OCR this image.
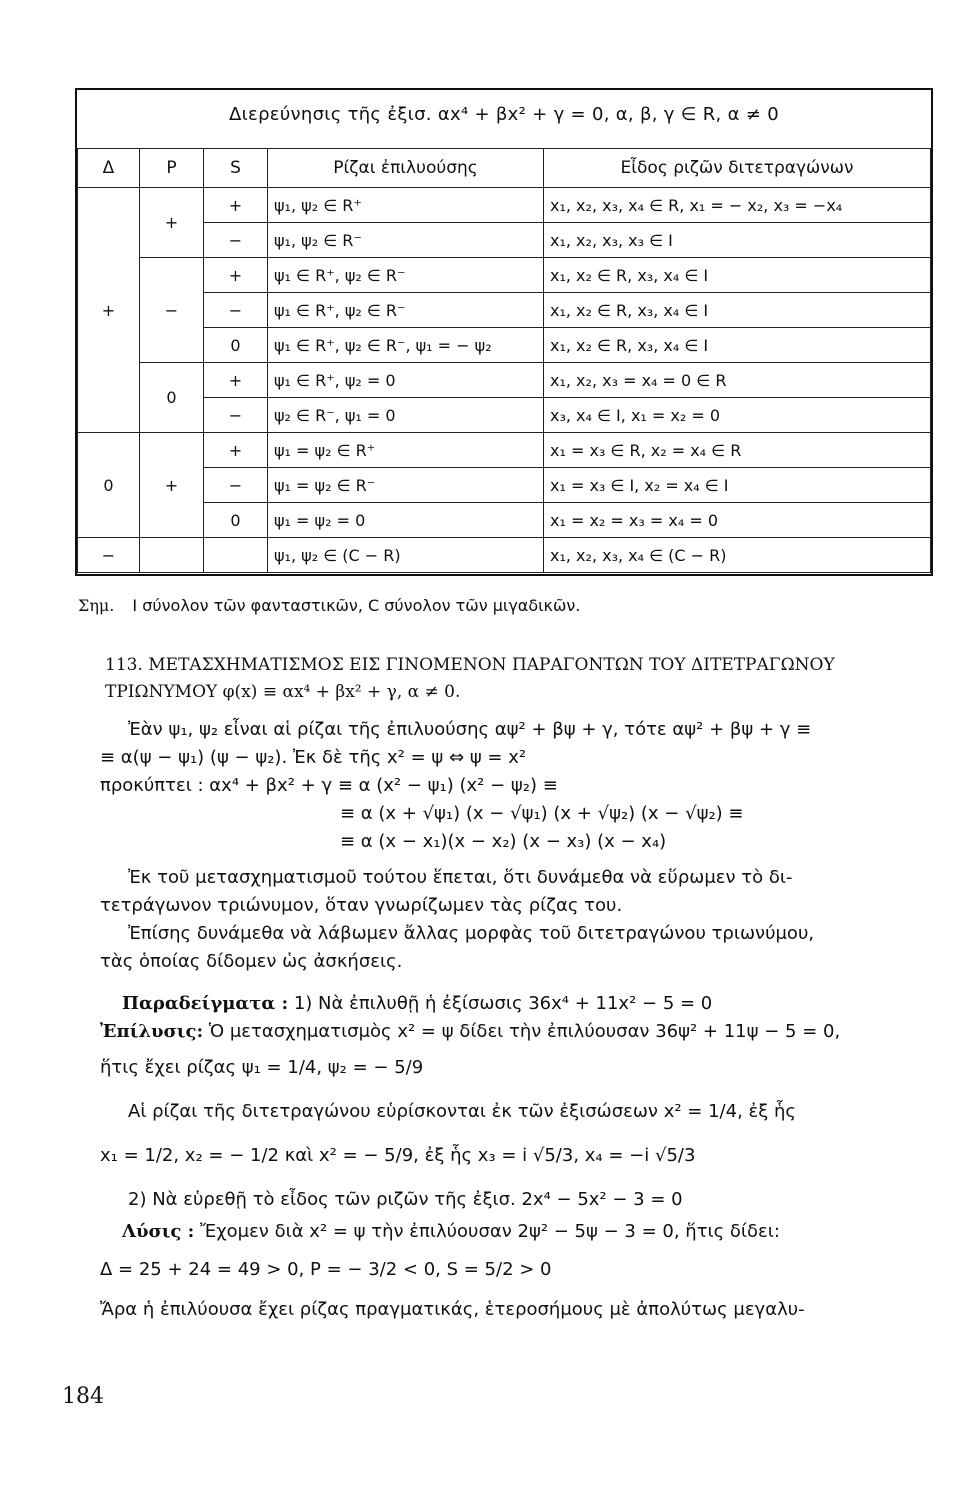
Διερεύνησις τῆς ἐξισ. αx⁴ + βx² + γ = 0, α, β, γ ∈ R, α ≠ 0
Δ	P	S	Ρίζαι ἐπιλυούσης	Εἶδος ριζῶν διτετραγώνων
+	+	+	ψ₁, ψ₂ ∈ R⁺	x₁, x₂, x₃, x₄ ∈ R, x₁ = − x₂, x₃ = −x₄
		−	ψ₁, ψ₂ ∈ R⁻	x₁, x₂, x₃, x₃ ∈ I
	−	+	ψ₁ ∈ R⁺, ψ₂ ∈ R⁻	x₁, x₂ ∈ R, x₃, x₄ ∈ I
		−	ψ₁ ∈ R⁺, ψ₂ ∈ R⁻	x₁, x₂ ∈ R, x₃, x₄ ∈ I
		0	ψ₁ ∈ R⁺, ψ₂ ∈ R⁻, ψ₁ = − ψ₂	x₁, x₂ ∈ R, x₃, x₄ ∈ I
	0	+	ψ₁ ∈ R⁺, ψ₂ = 0	x₁, x₂, x₃ = x₄ = 0 ∈ R
		−	ψ₂ ∈ R⁻, ψ₁ = 0	x₃, x₄ ∈ I, x₁ = x₂ = 0
0	+	+	ψ₁ = ψ₂ ∈ R⁺	x₁ = x₃ ∈ R, x₂ = x₄ ∈ R
		−	ψ₁ = ψ₂ ∈ R⁻	x₁ = x₃ ∈ I, x₂ = x₄ ∈ I
		0	ψ₁ = ψ₂ = 0	x₁ = x₂ = x₃ = x₄ = 0
−			ψ₁, ψ₂ ∈ (C − R)	x₁, x₂, x₃, x₄ ∈ (C − R)
Σημ. I σύνολον τῶν φανταστικῶν, C σύνολον τῶν μιγαδικῶν.
113. ΜΕΤΑΣΧΗΜΑΤΙΣΜΟΣ ΕΙΣ ΓΙΝΟΜΕΝΟΝ ΠΑΡΑΓΟΝΤΩΝ ΤΟΥ ΔΙΤΕΤΡΑΓΩΝΟΥ
ΤΡΙΩΝΥΜΟΥ φ(x) ≡ αx⁴ + βx² + γ, α ≠ 0.
Ἐὰν ψ₁, ψ₂ εἶναι αἱ ρίζαι τῆς ἐπιλυούσης αψ² + βψ + γ, τότε αψ² + βψ + γ ≡
≡ α(ψ − ψ₁) (ψ − ψ₂). Ἐκ δὲ τῆς x² = ψ ⇔ ψ = x²
προκύπτει : αx⁴ + βx² + γ ≡ α (x² − ψ₁) (x² − ψ₂) ≡
≡ α (x + √ψ₁) (x − √ψ₁) (x + √ψ₂) (x − √ψ₂) ≡
≡ α (x − x₁)(x − x₂) (x − x₃) (x − x₄)
Ἐκ τοῦ μετασχηματισμοῦ τούτου ἕπεται, ὅτι δυνάμεθα νὰ εὕρωμεν τὸ δι-
τετράγωνον τριώνυμον, ὅταν γνωρίζωμεν τὰς ρίζας του.
Ἐπίσης δυνάμεθα νὰ λάβωμεν ἄλλας μορφὰς τοῦ διτετραγώνου τριωνύμου,
τὰς ὁποίας δίδομεν ὡς ἀσκήσεις.
Παραδείγματα : 1) Νὰ ἐπιλυθῇ ἡ ἐξίσωσις 36x⁴ + 11x² − 5 = 0
Ἐπίλυσις: Ὁ μετασχηματισμὸς x² = ψ δίδει τὴν ἐπιλύουσαν 36ψ² + 11ψ − 5 = 0,
ἥτις ἔχει ρίζας ψ₁ = 1/4, ψ₂ = − 5/9
Αἱ ρίζαι τῆς διτετραγώνου εὑρίσκονται ἐκ τῶν ἐξισώσεων x² = 1/4, ἐξ ἧς
x₁ = 1/2, x₂ = − 1/2 καὶ x² = − 5/9, ἐξ ἧς x₃ = i √5/3, x₄ = −i √5/3
2) Νὰ εὑρεθῇ τὸ εἶδος τῶν ριζῶν τῆς ἐξισ. 2x⁴ − 5x² − 3 = 0
Λύσις : Ἔχομεν διὰ x² = ψ τὴν ἐπιλύουσαν 2ψ² − 5ψ − 3 = 0, ἥτις δίδει:
Δ = 25 + 24 = 49 > 0, P = − 3/2 < 0, S = 5/2 > 0
Ἄρα ἡ ἐπιλύουσα ἔχει ρίζας πραγματικάς, ἑτεροσήμους μὲ ἀπολύτως μεγαλυ-
184
